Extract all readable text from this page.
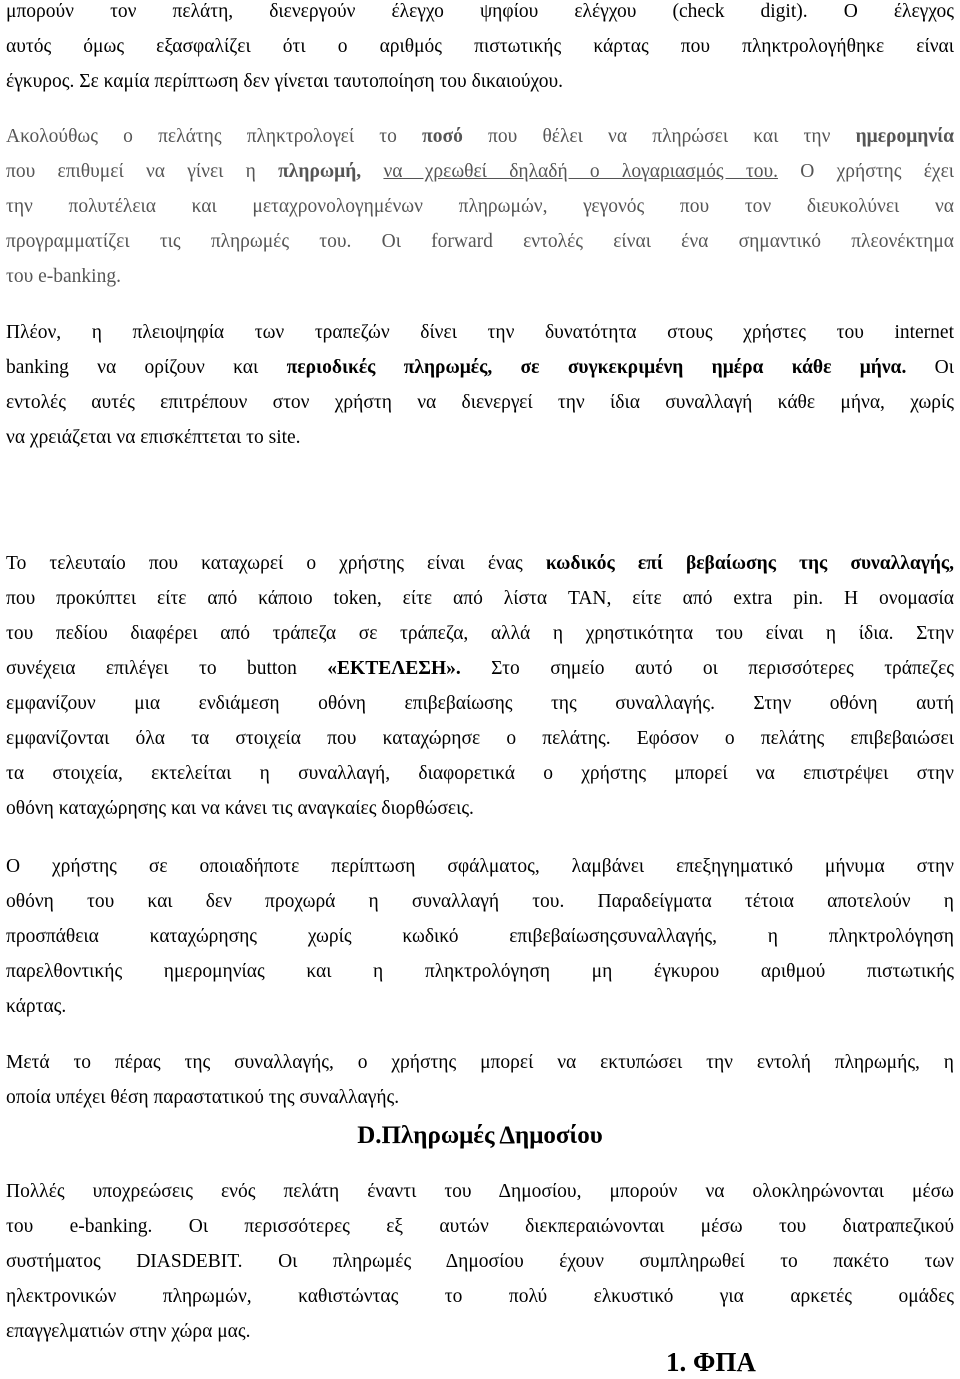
μπορούν τον πελάτη, διενεργούν έλεγχο ψηφίου ελέγχου (check digit). Ο έλεγχος
αυτός όμως εξασφαλίζει ότι ο αριθμός πιστωτικής κάρτας που πληκτρολογήθηκε είναι
έγκυρος. Σε καμία περίπτωση δεν γίνεται ταυτοποίηση του δικαιούχου.
Ακολούθως ο πελάτης πληκτρολογεί το ποσό που θέλει να πληρώσει και την ημερομηνία
που επιθυμεί να γίνει η πληρωμή, να χρεωθεί δηλαδή ο λογαριασμός του. Ο χρήστης έχει
την πολυτέλεια και μεταχρονολογημένων πληρωμών, γεγονός που τον διευκολύνει να
προγραμματίζει τις πληρωμές του. Οι forward εντολές είναι ένα σημαντικό πλεονέκτημα
του e-banking.
Πλέον, η πλειοψηφία των τραπεζών δίνει την δυνατότητα στους χρήστες του internet
banking να ορίζουν και περιοδικές πληρωμές, σε συγκεκριμένη ημέρα κάθε μήνα. Οι
εντολές αυτές επιτρέπουν στον χρήστη να διενεργεί την ίδια συναλλαγή κάθε μήνα, χωρίς
να χρειάζεται να επισκέπτεται το site.
Το τελευταίο που καταχωρεί ο χρήστης είναι ένας κωδικός επί βεβαίωσης της συναλλαγής,
που προκύπτει είτε από κάποιο token, είτε από λίστα TAN, είτε από extra pin. Η ονομασία
του πεδίου διαφέρει από τράπεζα σε τράπεζα, αλλά η χρηστικότητα του είναι η ίδια. Στην
συνέχεια επιλέγει το button «ΕΚΤΕΛΕΣΗ». Στο σημείο αυτό οι περισσότερες τράπεζες
εμφανίζουν μια ενδιάμεση οθόνη επιβεβαίωσης της συναλλαγής. Στην οθόνη αυτή
εμφανίζονται όλα τα στοιχεία που καταχώρησε ο πελάτης. Εφόσον ο πελάτης επιβεβαιώσει
τα στοιχεία, εκτελείται η συναλλαγή, διαφορετικά ο χρήστης μπορεί να επιστρέψει στην
οθόνη καταχώρησης και να κάνει τις αναγκαίες διορθώσεις.
Ο χρήστης σε οποιαδήποτε περίπτωση σφάλματος, λαμβάνει επεξηγηματικό μήνυμα στην
οθόνη του και δεν προχωρά η συναλλαγή του. Παραδείγματα τέτοια αποτελούν η
προσπάθεια καταχώρησης χωρίς κωδικό επιβεβαίωσηςσυναλλαγής, η πληκτρολόγηση
παρελθοντικής ημερομηνίας και η πληκτρολόγηση μη έγκυρου αριθμού πιστωτικής
κάρτας.
Μετά το πέρας της συναλλαγής, ο χρήστης μπορεί να εκτυπώσει την εντολή πληρωμής, η
οποία υπέχει θέση παραστατικού της συναλλαγής.
D.Πληρωμές Δημοσίου
Πολλές υποχρεώσεις ενός πελάτη έναντι του Δημοσίου, μπορούν να ολοκληρώνονται μέσω
του e-banking. Οι περισσότερες εξ αυτών διεκπεραιώνονται μέσω του διατραπεζικού
συστήματος DIASDEBIT. Οι πληρωμές Δημοσίου έχουν συμπληρωθεί το πακέτο των
ηλεκτρονικών πληρωμών, καθιστώντας το πολύ ελκυστικό για αρκετές ομάδες
επαγγελματιών στην χώρα μας.
1. ΦΠΑ
